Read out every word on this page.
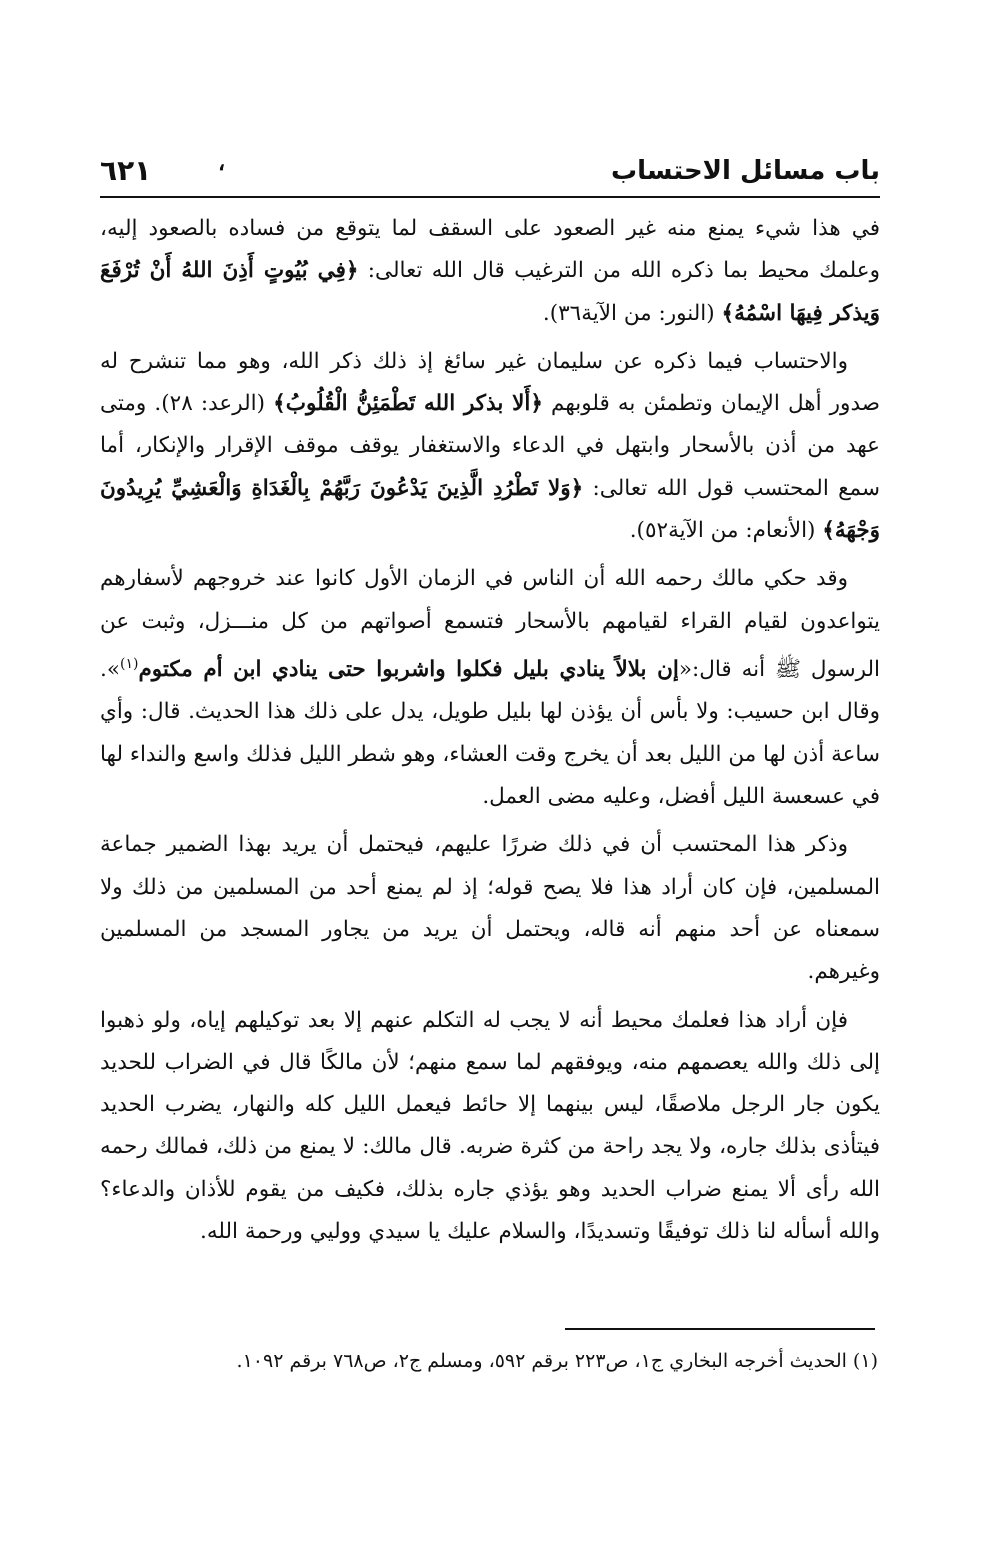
باب مسائل الاحتساب
،
٦٢١

في هذا شيء يمنع منه غير الصعود على السقف لما يتوقع من فساده بالصعود إليه، وعلمك محيط بما ذكره الله من الترغيب قال الله تعالى: ﴿فِي بُيُوتٍ أَذِنَ اللهُ أَنْ تُرْفَعَ وَيذكر فِيهَا اسْمُهُ﴾ (النور: من الآية٣٦).

والاحتساب فيما ذكره عن سليمان غير سائغ إذ ذلك ذكر الله، وهو مما تنشرح له صدور أهل الإيمان وتطمئن به قلوبهم ﴿أَلا بذكر الله تَطْمَئِنُّ الْقُلُوبُ﴾ (الرعد: ٢٨). ومتى عهد من أذن بالأسحار وابتهل في الدعاء والاستغفار يوقف موقف الإقرار والإنكار، أما سمع المحتسب قول الله تعالى: ﴿وَلا تَطْرُدِ الَّذِينَ يَدْعُونَ رَبَّهُمْ بِالْغَدَاةِ وَالْعَشِيِّ يُرِيدُونَ وَجْهَهُ﴾ (الأنعام: من الآية٥٢).

وقد حكي مالك رحمه الله أن الناس في الزمان الأول كانوا عند خروجهم لأسفارهم يتواعدون لقيام القراء لقيامهم بالأسحار فتسمع أصواتهم من كل منـــزل، وثبت عن الرسول ﷺ أنه قال:«إن بلالاً ينادي بليل فكلوا واشربوا حتى ينادي ابن أم مكتوم$^{(١)}$». وقال ابن حسيب: ولا بأس أن يؤذن لها بليل طويل، يدل على ذلك هذا الحديث. قال: وأي ساعة أذن لها من الليل بعد أن يخرج وقت العشاء، وهو شطر الليل فذلك واسع والنداء لها في عسعسة الليل أفضل، وعليه مضى العمل.

وذكر هذا المحتسب أن في ذلك ضررًا عليهم، فيحتمل أن يريد بهذا الضمير جماعة المسلمين، فإن كان أراد هذا فلا يصح قوله؛ إذ لم يمنع أحد من المسلمين من ذلك ولا سمعناه عن أحد منهم أنه قاله، ويحتمل أن يريد من يجاور المسجد من المسلمين وغيرهم.

فإن أراد هذا فعلمك محيط أنه لا يجب له التكلم عنهم إلا بعد توكيلهم إياه، ولو ذهبوا إلى ذلك والله يعصمهم منه، ويوفقهم لما سمع منهم؛ لأن مالكًا قال في الضراب للحديد يكون جار الرجل ملاصقًا، ليس بينهما إلا حائط فيعمل الليل كله والنهار، يضرب الحديد فيتأذى بذلك جاره، ولا يجد راحة من كثرة ضربه. قال مالك: لا يمنع من ذلك، فمالك رحمه الله رأى ألا يمنع ضراب الحديد وهو يؤذي جاره بذلك، فكيف من يقوم للأذان والدعاء؟ والله أسأله لنا ذلك توفيقًا وتسديدًا، والسلام عليك يا سيدي ووليي ورحمة الله.

(١) الحديث أخرجه البخاري ج١، ص٢٢٣ برقم ٥٩٢، ومسلم ج٢، ص٧٦٨ برقم ١٠٩٢.
